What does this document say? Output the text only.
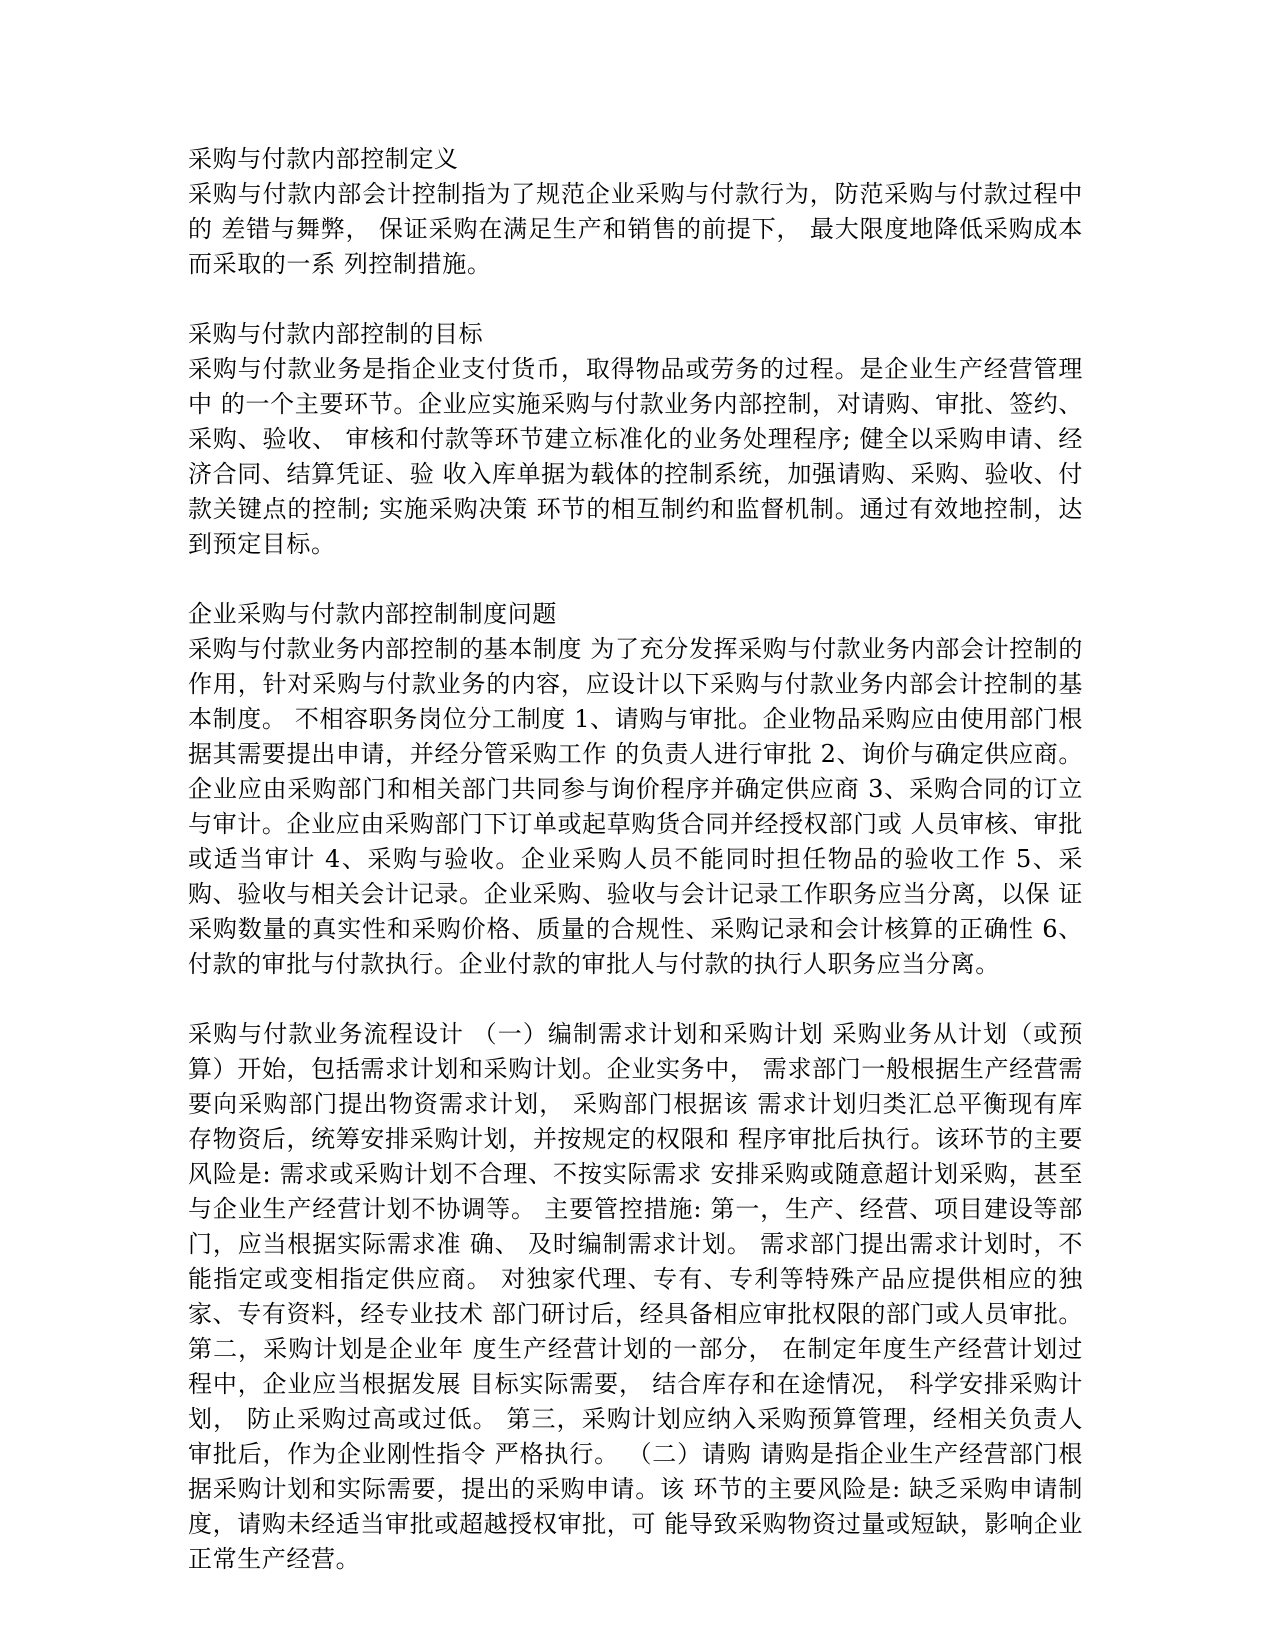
采购与付款内部控制定义

采购与付款内部会计控制指为了规范企业采购与付款行为，防范采购与付款过程中的 差错与舞弊， 保证采购在满足生产和销售的前提下， 最大限度地降低采购成本而采取的一系 列控制措施。

采购与付款内部控制的目标

采购与付款业务是指企业支付货币，取得物品或劳务的过程。是企业生产经营管理中 的一个主要环节。企业应实施采购与付款业务内部控制，对请购、审批、签约、采购、验收、 审核和付款等环节建立标准化的业务处理程序; 健全以采购申请、经济合同、结算凭证、验 收入库单据为载体的控制系统，加强请购、采购、验收、付款关键点的控制; 实施采购决策 环节的相互制约和监督机制。通过有效地控制，达到预定目标。

企业采购与付款内部控制制度问题

采购与付款业务内部控制的基本制度 为了充分发挥采购与付款业务内部会计控制的 作用，针对采购与付款业务的内容，应设计以下采购与付款业务内部会计控制的基本制度。 不相容职务岗位分工制度 1、请购与审批。企业物品采购应由使用部门根据其需要提出申请，并经分管采购工作 的负责人进行审批 2、询价与确定供应商。企业应由采购部门和相关部门共同参与询价程序并确定供应商 3、采购合同的订立与审计。企业应由采购部门下订单或起草购货合同并经授权部门或 人员审核、审批或适当审计 4、采购与验收。企业采购人员不能同时担任物品的验收工作 5、采购、验收与相关会计记录。企业采购、验收与会计记录工作职务应当分离，以保 证采购数量的真实性和采购价格、质量的合规性、采购记录和会计核算的正确性 6、付款的审批与付款执行。企业付款的审批人与付款的执行人职务应当分离。

采购与付款业务流程设计 （一）编制需求计划和采购计划 采购业务从计划（或预算）开始，包括需求计划和采购计划。企业实务中， 需求部门一般根据生产经营需要向采购部门提出物资需求计划， 采购部门根据该 需求计划归类汇总平衡现有库存物资后，统筹安排采购计划，并按规定的权限和 程序审批后执行。该环节的主要风险是: 需求或采购计划不合理、不按实际需求 安排采购或随意超计划采购，甚至与企业生产经营计划不协调等。 主要管控措施: 第一，生产、经营、项目建设等部门，应当根据实际需求准 确、 及时编制需求计划。 需求部门提出需求计划时，不能指定或变相指定供应商。 对独家代理、专有、专利等特殊产品应提供相应的独家、专有资料，经专业技术 部门研讨后，经具备相应审批权限的部门或人员审批。第二，采购计划是企业年 度生产经营计划的一部分， 在制定年度生产经营计划过程中，企业应当根据发展 目标实际需要， 结合库存和在途情况， 科学安排采购计划， 防止采购过高或过低。 第三，采购计划应纳入采购预算管理，经相关负责人审批后，作为企业刚性指令 严格执行。 （二）请购 请购是指企业生产经营部门根据采购计划和实际需要，提出的采购申请。该 环节的主要风险是: 缺乏采购申请制度，请购未经适当审批或超越授权审批，可 能导致采购物资过量或短缺，影响企业正常生产经营。
